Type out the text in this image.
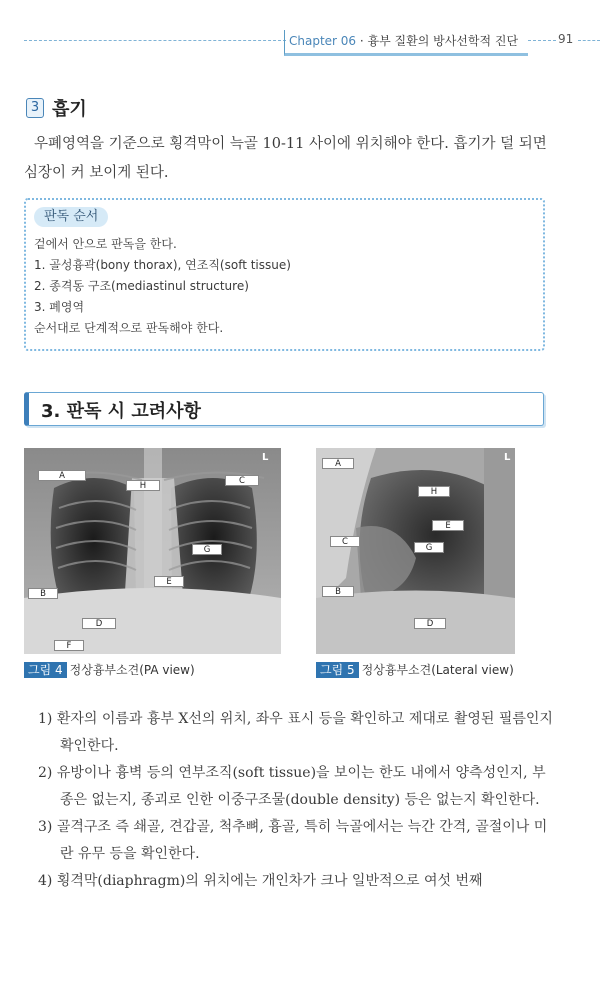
Chapter 06 · 흉부 질환의 방사선학적 진단	91
3 흡기
우폐영역을 기준으로 횡격막이 늑골 10-11 사이에 위치해야 한다. 흡기가 덜 되면 심장이 커 보이게 된다.
판독 순서
겉에서 안으로 판독을 한다.
1. 골성흉곽(bony thorax), 연조직(soft tissue)
2. 종격동 구조(mediastinul structure)
3. 폐영역
순서대로 단계적으로 판독해야 한다.
3. 판독 시 고려사항
L
A
H	C
G
E
B
D
F
그림 4 정상흉부소견(PA view)
L
A
H
E
C
G
B
D
그림 5 정상흉부소견(Lateral view)
1) 환자의 이름과 흉부 X선의 위치, 좌우 표시 등을 확인하고 제대로 촬영된 필름인지 확인한다.
2) 유방이나 흉벽 등의 연부조직(soft tissue)을 보이는 한도 내에서 양측성인지, 부종은 없는지, 종괴로 인한 이중구조물(double density) 등은 없는지 확인한다.
3) 골격구조 즉 쇄골, 견갑골, 척추뼈, 흉골, 특히 늑골에서는 늑간 간격, 골절이나 미란 유무 등을 확인한다.
4) 횡격막(diaphragm)의 위치에는 개인차가 크나 일반적으로 여섯 번째
